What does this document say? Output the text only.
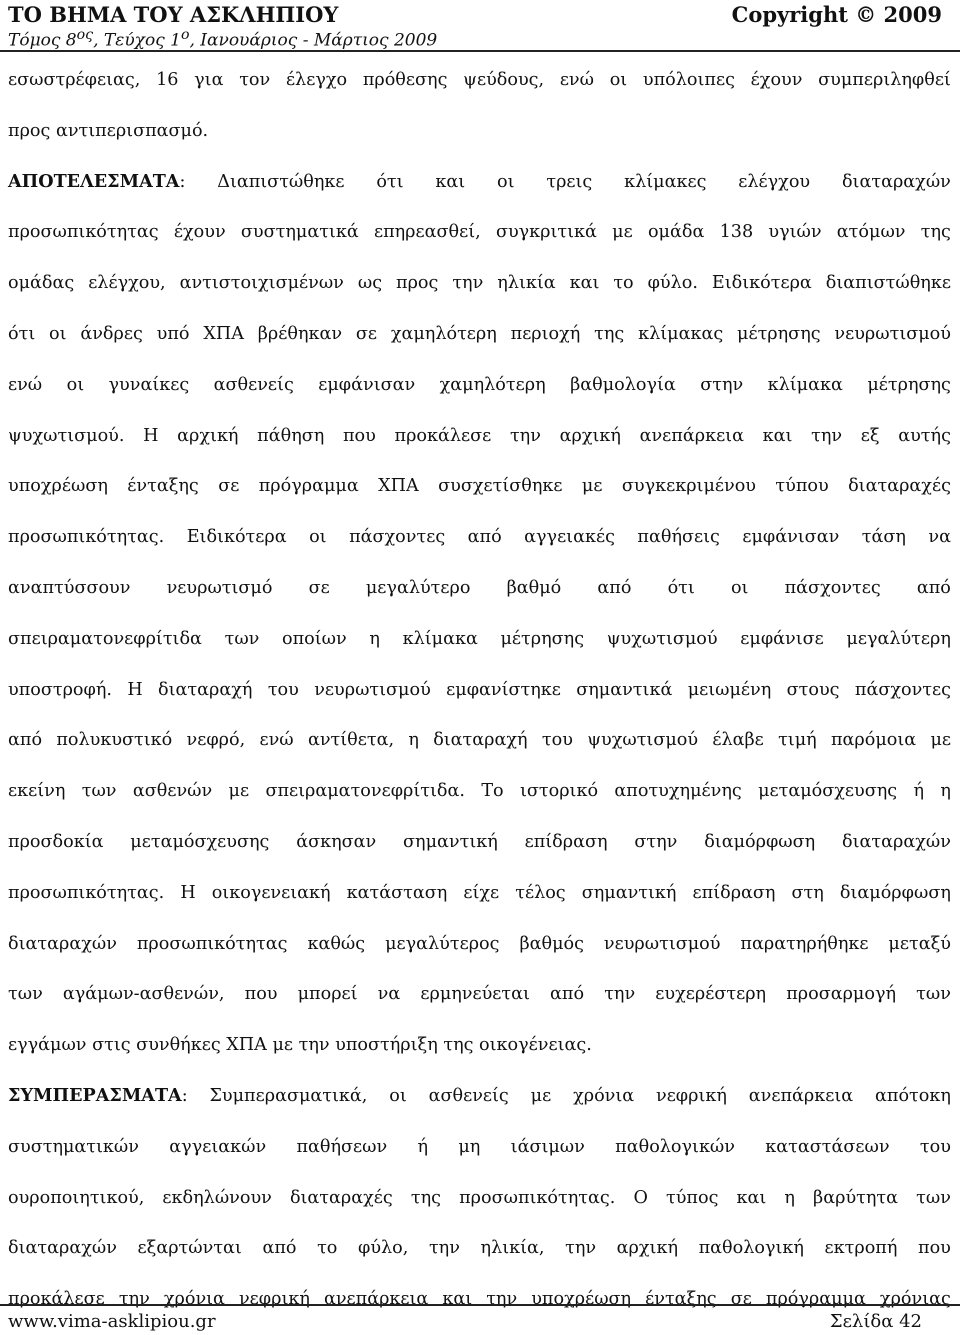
ΤΟ ΒΗΜΑ ΤΟΥ ΑΣΚΛΗΠΙΟΥ	Copyright © 2009
Τόμος $8^{o\varsigma}$, Τεύχος $1^o$, Ιανουάριος - Μάρτιος 2009
εσωστρέφειας, 16 για τον έλεγχο πρόθεσης ψεύδους, ενώ οι υπόλοιπες έχουν συμπεριληφθεί
προς αντιπερισπασμό.
ΑΠΟΤΕΛΕΣΜΑΤΑ: Διαπιστώθηκε ότι και οι τρεις κλίμακες ελέγχου διαταραχών
προσωπικότητας έχουν συστηματικά επηρεασθεί, συγκριτικά με ομάδα 138 υγιών ατόμων της
ομάδας ελέγχου, αντιστοιχισμένων ως προς την ηλικία και το φύλο. Ειδικότερα διαπιστώθηκε
ότι οι άνδρες υπό ΧΠΑ βρέθηκαν σε χαμηλότερη περιοχή της κλίμακας μέτρησης νευρωτισμού
ενώ οι γυναίκες ασθενείς εμφάνισαν χαμηλότερη βαθμολογία στην κλίμακα μέτρησης
ψυχωτισμού. Η αρχική πάθηση που προκάλεσε την αρχική ανεπάρκεια και την εξ αυτής
υποχρέωση ένταξης σε πρόγραμμα ΧΠΑ συσχετίσθηκε με συγκεκριμένου τύπου διαταραχές
προσωπικότητας. Ειδικότερα οι πάσχοντες από αγγειακές παθήσεις εμφάνισαν τάση να
αναπτύσσουν νευρωτισμό σε μεγαλύτερο βαθμό από ότι οι πάσχοντες από
σπειραματονεφρίτιδα των οποίων η κλίμακα μέτρησης ψυχωτισμού εμφάνισε μεγαλύτερη
υποστροφή. Η διαταραχή του νευρωτισμού εμφανίστηκε σημαντικά μειωμένη στους πάσχοντες
από πολυκυστικό νεφρό, ενώ αντίθετα, η διαταραχή του ψυχωτισμού έλαβε τιμή παρόμοια με
εκείνη των ασθενών με σπειραματονεφρίτιδα. Το ιστορικό αποτυχημένης μεταμόσχευσης ή η
προσδοκία μεταμόσχευσης άσκησαν σημαντική επίδραση στην διαμόρφωση διαταραχών
προσωπικότητας. Η οικογενειακή κατάσταση είχε τέλος σημαντική επίδραση στη διαμόρφωση
διαταραχών προσωπικότητας καθώς μεγαλύτερος βαθμός νευρωτισμού παρατηρήθηκε μεταξύ
των αγάμων-ασθενών, που μπορεί να ερμηνεύεται από την ευχερέστερη προσαρμογή των
εγγάμων στις συνθήκες ΧΠΑ με την υποστήριξη της οικογένειας.
ΣΥΜΠΕΡΑΣΜΑΤΑ: Συμπερασματικά, οι ασθενείς με χρόνια νεφρική ανεπάρκεια απότοκη
συστηματικών αγγειακών παθήσεων ή μη ιάσιμων παθολογικών καταστάσεων του
ουροποιητικού, εκδηλώνουν διαταραχές της προσωπικότητας. Ο τύπος και η βαρύτητα των
διαταραχών εξαρτώνται από το φύλο, την ηλικία, την αρχική παθολογική εκτροπή που
προκάλεσε την χρόνια νεφρική ανεπάρκεια και την υποχρέωση ένταξης σε πρόγραμμα χρόνιας
www.vima-asklipiou.gr	Σελίδα 42
